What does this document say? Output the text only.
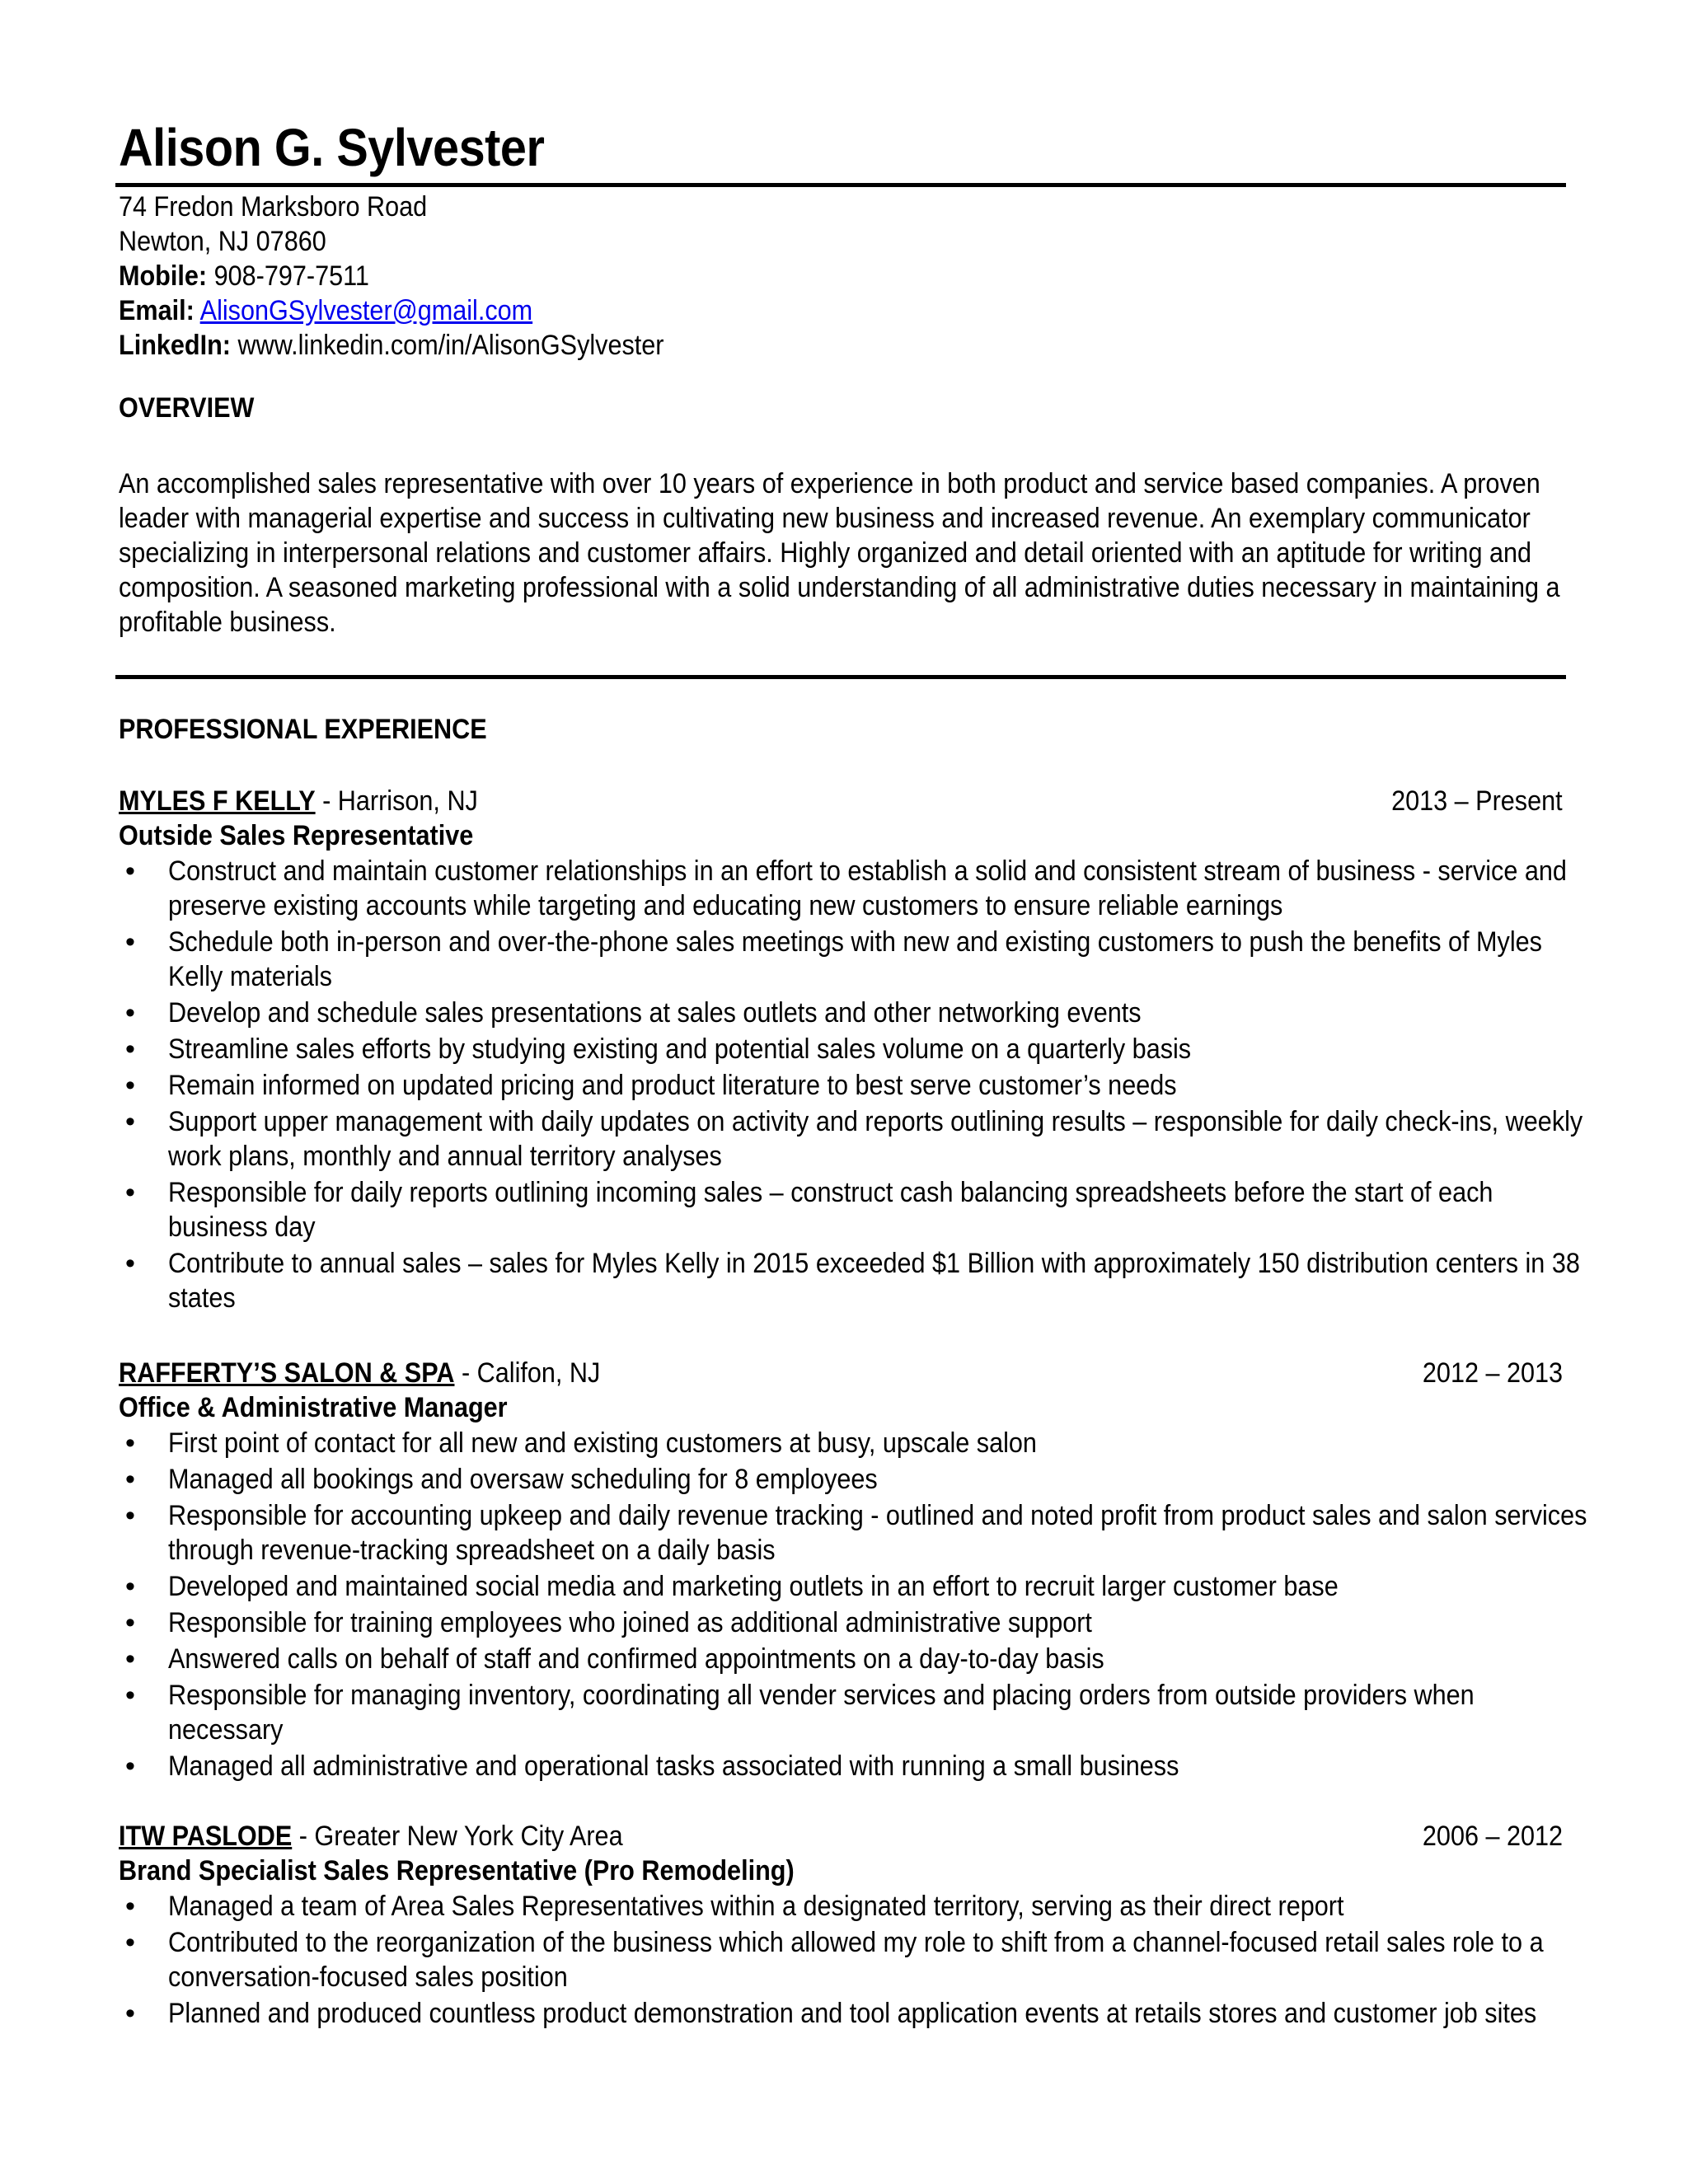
Alison G. Sylvester
74 Fredon Marksboro Road
Newton, NJ 07860
Mobile: 908-797-7511
Email: AlisonGSylvester@gmail.com
LinkedIn: www.linkedin.com/in/AlisonGSylvester
OVERVIEW

An accomplished sales representative with over 10 years of experience in both product and service based companies. A proven

leader with managerial expertise and success in cultivating new business and increased revenue. An exemplary communicator

specializing in interpersonal relations and customer affairs. Highly organized and detail oriented with an aptitude for writing and

composition. A seasoned marketing professional with a solid understanding of all administrative duties necessary in maintaining a

profitable business.

PROFESSIONAL EXPERIENCE
MYLES F KELLY - Harrison, NJ	2013 – Present
Outside Sales Representative
• Construct and maintain customer relationships in an effort to establish a solid and consistent stream of business - service and
preserve existing accounts while targeting and educating new customers to ensure reliable earnings
• Schedule both in-person and over-the-phone sales meetings with new and existing customers to push the benefits of Myles
Kelly materials
• Develop and schedule sales presentations at sales outlets and other networking events
• Streamline sales efforts by studying existing and potential sales volume on a quarterly basis
• Remain informed on updated pricing and product literature to best serve customer’s needs
• Support upper management with daily updates on activity and reports outlining results – responsible for daily check-ins, weekly
work plans, monthly and annual territory analyses
• Responsible for daily reports outlining incoming sales – construct cash balancing spreadsheets before the start of each
business day
• Contribute to annual sales – sales for Myles Kelly in 2015 exceeded $1 Billion with approximately 150 distribution centers in 38
states
RAFFERTY’S SALON & SPA - Califon, NJ	2012 – 2013
Office & Administrative Manager
• First point of contact for all new and existing customers at busy, upscale salon
• Managed all bookings and oversaw scheduling for 8 employees
• Responsible for accounting upkeep and daily revenue tracking - outlined and noted profit from product sales and salon services
through revenue-tracking spreadsheet on a daily basis
• Developed and maintained social media and marketing outlets in an effort to recruit larger customer base
• Responsible for training employees who joined as additional administrative support
• Answered calls on behalf of staff and confirmed appointments on a day-to-day basis
• Responsible for managing inventory, coordinating all vender services and placing orders from outside providers when
necessary
• Managed all administrative and operational tasks associated with running a small business
ITW PASLODE - Greater New York City Area	2006 – 2012
Brand Specialist Sales Representative (Pro Remodeling)
• Managed a team of Area Sales Representatives within a designated territory, serving as their direct report
• Contributed to the reorganization of the business which allowed my role to shift from a channel-focused retail sales role to a
conversation-focused sales position
• Planned and produced countless product demonstration and tool application events at retails stores and customer job sites
